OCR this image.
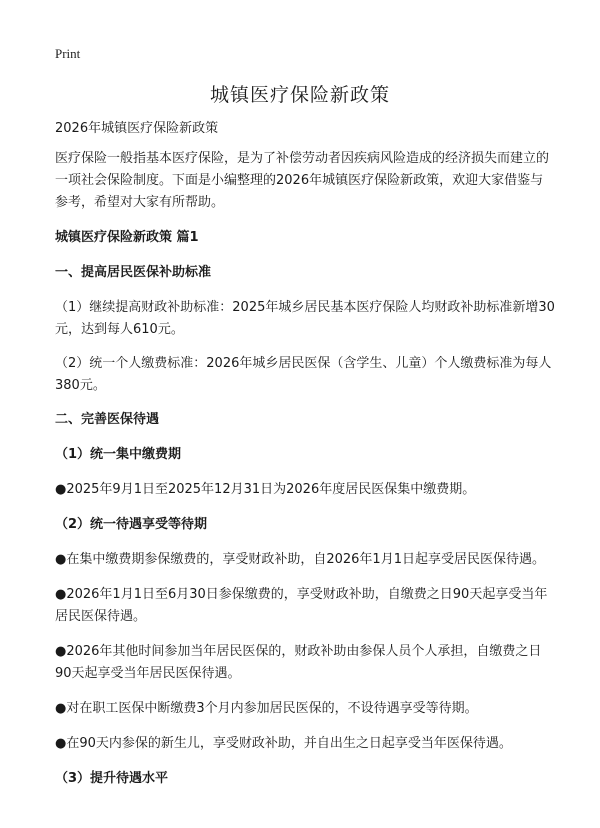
Print
城镇医疗保险新政策

2026年城镇医疗保险新政策

医疗保险一般指基本医疗保险，是为了补偿劳动者因疾病风险造成的经济损失而建立的一项社会保险制度。下面是小编整理的2026年城镇医疗保险新政策，欢迎大家借鉴与参考，希望对大家有所帮助。

城镇医疗保险新政策 篇1

一、提高居民医保补助标准

（1）继续提高财政补助标准：2025年城乡居民基本医疗保险人均财政补助标准新增30元，达到每人610元。

（2）统一个人缴费标准：2026年城乡居民医保（含学生、儿童）个人缴费标准为每人380元。

二、完善医保待遇

（1）统一集中缴费期

●2025年9月1日至2025年12月31日为2026年度居民医保集中缴费期。

（2）统一待遇享受等待期

●在集中缴费期参保缴费的，享受财政补助，自2026年1月1日起享受居民医保待遇。

●2026年1月1日至6月30日参保缴费的，享受财政补助，自缴费之日90天起享受当年居民医保待遇。

●2026年其他时间参加当年居民医保的，财政补助由参保人员个人承担，自缴费之日90天起享受当年居民医保待遇。

●对在职工医保中断缴费3个月内参加居民医保的，不设待遇享受等待期。

●在90天内参保的新生儿，享受财政补助，并自出生之日起享受当年医保待遇。

（3）提升待遇水平
